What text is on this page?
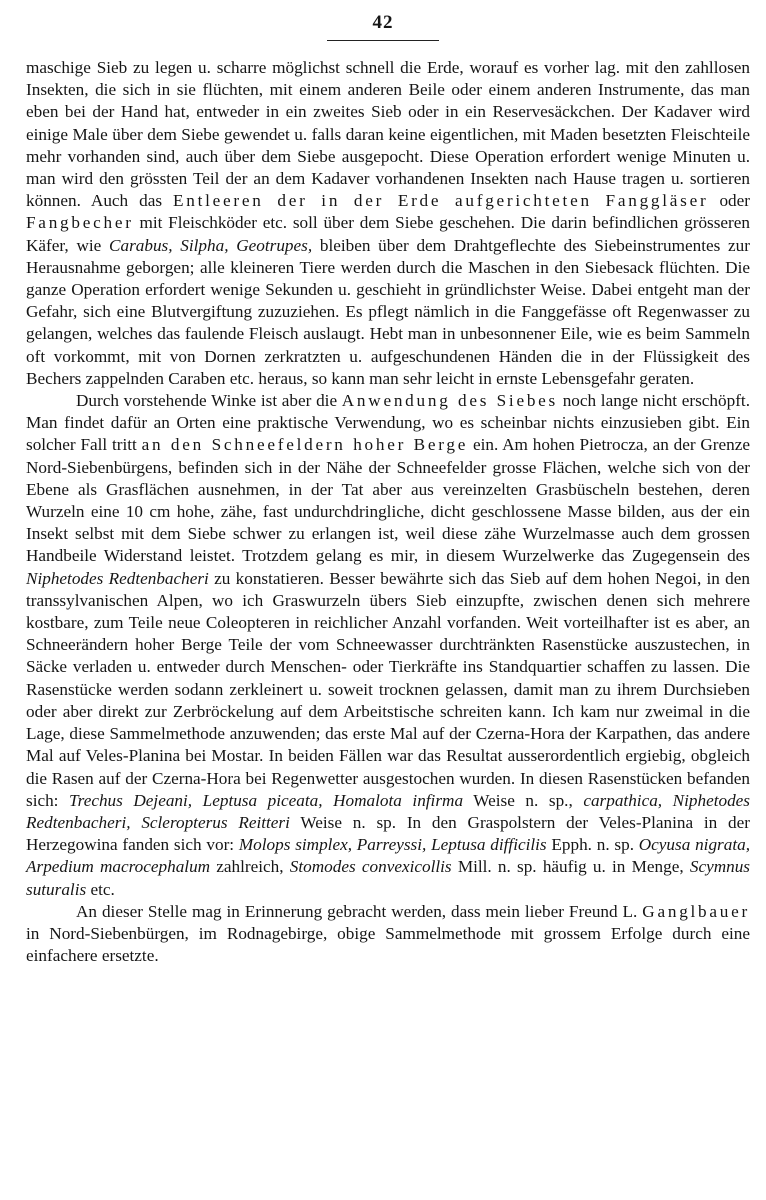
42

maschige Sieb zu legen u. scharre möglichst schnell die Erde, worauf es vorher lag. mit den zahllosen Insekten, die sich in sie flüchten, mit einem anderen Beile oder einem anderen Instrumente, das man eben bei der Hand hat, entweder in ein zweites Sieb oder in ein Reservesäckchen. Der Kadaver wird einige Male über dem Siebe gewendet u. falls daran keine eigentlichen, mit Maden besetzten Fleischteile mehr vorhanden sind, auch über dem Siebe ausgepocht. Diese Operation erfordert wenige Minuten u. man wird den grössten Teil der an dem Kadaver vorhandenen Insekten nach Hause tragen u. sortieren können. Auch das Entleeren der in der Erde aufgerichteten Fanggläser oder Fangbecher mit Fleischköder etc. soll über dem Siebe geschehen. Die darin befindlichen grösseren Käfer, wie Carabus, Silpha, Geotrupes, bleiben über dem Drahtgeflechte des Siebeinstrumentes zur Herausnahme geborgen; alle kleineren Tiere werden durch die Maschen in den Siebesack flüchten. Die ganze Operation erfordert wenige Sekunden u. geschieht in gründlichster Weise. Dabei entgeht man der Gefahr, sich eine Blutvergiftung zuzuziehen. Es pflegt nämlich in die Fanggefässe oft Regenwasser zu gelangen, welches das faulende Fleisch auslaugt. Hebt man in unbesonnener Eile, wie es beim Sammeln oft vorkommt, mit von Dornen zerkratzten u. aufgeschundenen Händen die in der Flüssigkeit des Bechers zappelnden Caraben etc. heraus, so kann man sehr leicht in ernste Lebensgefahr geraten.

Durch vorstehende Winke ist aber die Anwendung des Siebes noch lange nicht erschöpft. Man findet dafür an Orten eine praktische Verwendung, wo es scheinbar nichts einzusieben gibt. Ein solcher Fall tritt an den Schneefeldern hoher Berge ein. Am hohen Pietrocza, an der Grenze Nord-Siebenbürgens, befinden sich in der Nähe der Schneefelder grosse Flächen, welche sich von der Ebene als Grasflächen ausnehmen, in der Tat aber aus vereinzelten Grasbüscheln bestehen, deren Wurzeln eine 10 cm hohe, zähe, fast undurchdringliche, dicht geschlossene Masse bilden, aus der ein Insekt selbst mit dem Siebe schwer zu erlangen ist, weil diese zähe Wurzelmasse auch dem grossen Handbeile Widerstand leistet. Trotzdem gelang es mir, in diesem Wurzelwerke das Zugegensein des Niphetodes Redtenbacheri zu konstatieren. Besser bewährte sich das Sieb auf dem hohen Negoi, in den transsylvanischen Alpen, wo ich Graswurzeln übers Sieb einzupfte, zwischen denen sich mehrere kostbare, zum Teile neue Coleopteren in reichlicher Anzahl vorfanden. Weit vorteilhafter ist es aber, an Schneerändern hoher Berge Teile der vom Schneewasser durchtränkten Rasenstücke auszustechen, in Säcke verladen u. entweder durch Menschen- oder Tierkräfte ins Standquartier schaffen zu lassen. Die Rasenstücke werden sodann zerkleinert u. soweit trocknen gelassen, damit man zu ihrem Durchsieben oder aber direkt zur Zerbröckelung auf dem Arbeitstische schreiten kann. Ich kam nur zweimal in die Lage, diese Sammelmethode anzuwenden; das erste Mal auf der Czerna-Hora der Karpathen, das andere Mal auf Veles-Planina bei Mostar. In beiden Fällen war das Resultat ausserordentlich ergiebig, obgleich die Rasen auf der Czerna-Hora bei Regenwetter ausgestochen wurden. In diesen Rasenstücken befanden sich: Trechus Dejeani, Leptusa piceata, Homalota infirma Weise n. sp., carpathica, Niphetodes Redtenbacheri, Scleropterus Reitteri Weise n. sp. In den Graspolstern der Veles-Planina in der Herzegowina fanden sich vor: Molops simplex, Parreyssi, Leptusa difficilis Epph. n. sp. Ocyusa nigrata, Arpedium macrocephalum zahlreich, Stomodes convexicollis Mill. n. sp. häufig u. in Menge, Scymnus suturalis etc.

An dieser Stelle mag in Erinnerung gebracht werden, dass mein lieber Freund L. Ganglbauer in Nord-Siebenbürgen, im Rodnagebirge, obige Sammelmethode mit grossem Erfolge durch eine einfachere ersetzte.
